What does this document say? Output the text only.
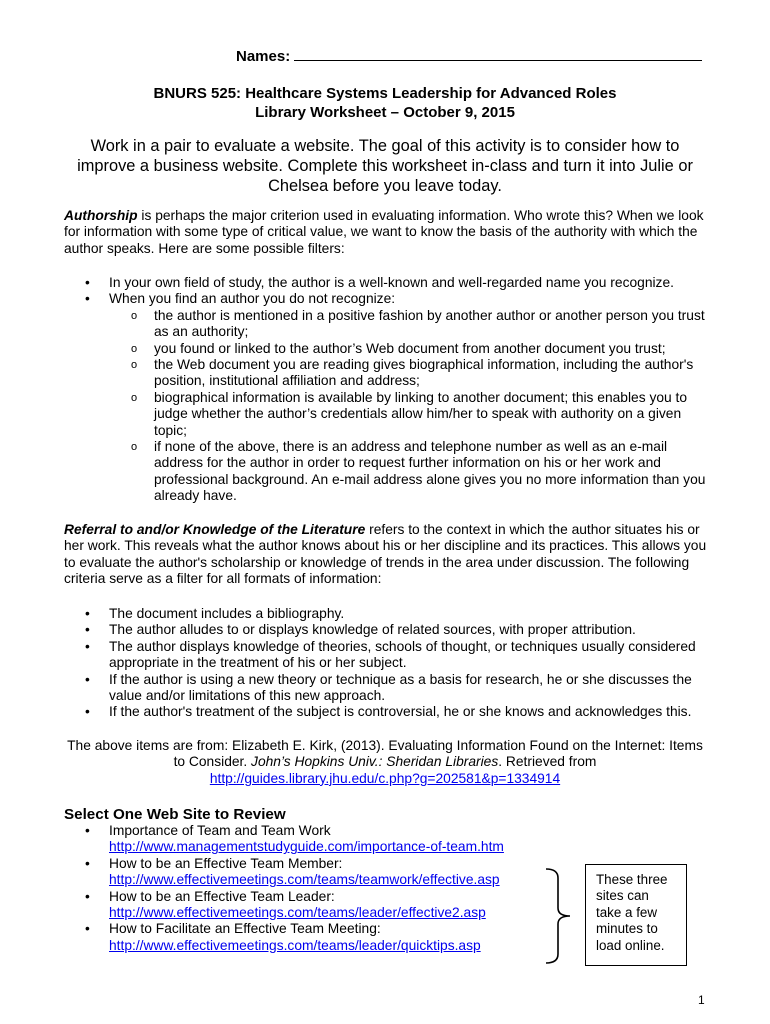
Names:
BNURS 525: Healthcare Systems Leadership for Advanced Roles
Library Worksheet – October 9, 2015
Work in a pair to evaluate a website. The goal of this activity is to consider how to improve a business website. Complete this worksheet in-class and turn it into Julie or Chelsea before you leave today.
Authorship is perhaps the major criterion used in evaluating information. Who wrote this? When we look for information with some type of critical value, we want to know the basis of the authority with which the author speaks. Here are some possible filters:
• In your own field of study, the author is a well-known and well-regarded name you recognize.
• When you find an author you do not recognize:
o the author is mentioned in a positive fashion by another author or another person you trust as an authority;
o you found or linked to the author’s Web document from another document you trust;
o the Web document you are reading gives biographical information, including the author's position, institutional affiliation and address;
o biographical information is available by linking to another document; this enables you to judge whether the author’s credentials allow him/her to speak with authority on a given topic;
o if none of the above, there is an address and telephone number as well as an e-mail address for the author in order to request further information on his or her work and professional background. An e-mail address alone gives you no more information than you already have.
Referral to and/or Knowledge of the Literature refers to the context in which the author situates his or her work. This reveals what the author knows about his or her discipline and its practices. This allows you to evaluate the author's scholarship or knowledge of trends in the area under discussion. The following criteria serve as a filter for all formats of information:
• The document includes a bibliography.
• The author alludes to or displays knowledge of related sources, with proper attribution.
• The author displays knowledge of theories, schools of thought, or techniques usually considered appropriate in the treatment of his or her subject.
• If the author is using a new theory or technique as a basis for research, he or she discusses the value and/or limitations of this new approach.
• If the author's treatment of the subject is controversial, he or she knows and acknowledges this.
The above items are from: Elizabeth E. Kirk, (2013). Evaluating Information Found on the Internet: Items to Consider. John’s Hopkins Univ.: Sheridan Libraries. Retrieved from
http://guides.library.jhu.edu/c.php?g=202581&p=1334914
Select One Web Site to Review
• Importance of Team and Team Work
http://www.managementstudyguide.com/importance-of-team.htm
• How to be an Effective Team Member:
http://www.effectivemeetings.com/teams/teamwork/effective.asp
• How to be an Effective Team Leader:
http://www.effectivemeetings.com/teams/leader/effective2.asp
• How to Facilitate an Effective Team Meeting:
http://www.effectivemeetings.com/teams/leader/quicktips.asp
These three sites can take a few minutes to load online.
1
